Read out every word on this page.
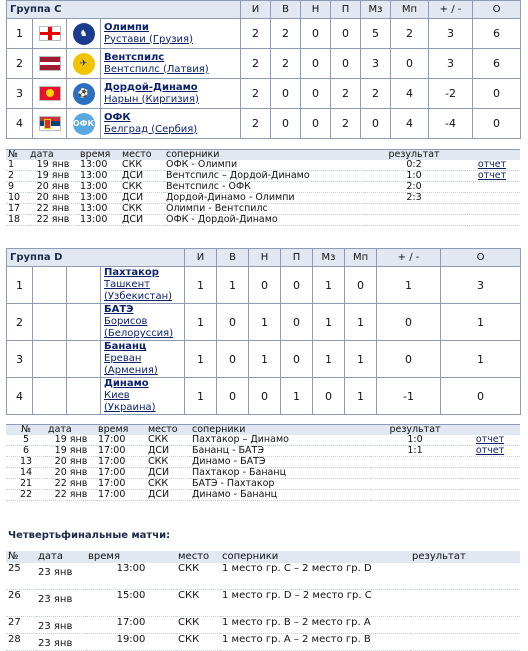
Группа C				И	В	Н	П	Мз	Мп	+ / -	О
1		♞	Олимпи
Рустави (Грузия)	2	2	0	0	5	2	3	6
2		✈	Вентспилс
Вентспилс (Латвия)	2	2	0	0	3	0	3	6
3		⚽	Дордой-Динамо
Нарын (Киргизия)	2	0	0	2	2	4	-2	0
4		ОФК	ОФК
Белград (Сербия)	2	0	0	2	0	4	-4	0
№	дата	время	место	соперники	результат	
1	19 янв	13:00	СКК	ОФК - Олимпи	0:2	отчет
2	19 янв	13:00	ДСИ	Вентспилс – Дордой-Динамо	1:0	отчет
9	20 янв	13:00	СКК	Вентспилс - ОФК	2:0	
10	20 янв	13:00	ДСИ	Дордой-Динамо - Олимпи	2:3	
17	22 янв	13:00	СКК	Олимпи - Вентспилс		
18	22 янв	13:00	ДСИ	ОФК - Дордой-Динамо		
Группа D				И	В	Н	П	Мз	Мп	+ / -	О
1			Пахтакор
Ташкент (Узбекистан)	1	1	0	0	1	0	1	3
2			БАТЭ
Борисов (Белоруссия)	1	0	1	0	1	1	0	1
3			Бананц
Ереван (Армения)	1	0	1	0	1	1	0	1
4			Динамо
Киев (Украина)	1	0	0	1	0	1	-1	0
№	дата	время	место	соперники	результат	
5	19 янв	17:00	СКК	Пахтакор – Динамо	1:0	отчет
6	19 янв	17:00	ДСИ	Бананц - БАТЭ	1:1	отчет
13	20 янв	17:00	СКК	Динамо - БАТЭ		
14	20 янв	17:00	ДСИ	Пахтакор - Бананц		
21	22 янв	17:00	СКК	БАТЭ - Пахтакор		
22	22 янв	17:00	ДСИ	Динамо - Бананц		
Четвертьфинальные матчи:
№	дата	время	место	соперники	результат
25	23 янв	13:00	СКК	1 место гр. С – 2 место гр. D	
26	23 янв	15:00	СКК	1 место гр. D – 2 место гр. C	
27	23 янв	17:00	СКК	1 место гр. В – 2 место гр. А	
28	23 янв	19:00	СКК	1 место гр. А – 2 место гр. В	
